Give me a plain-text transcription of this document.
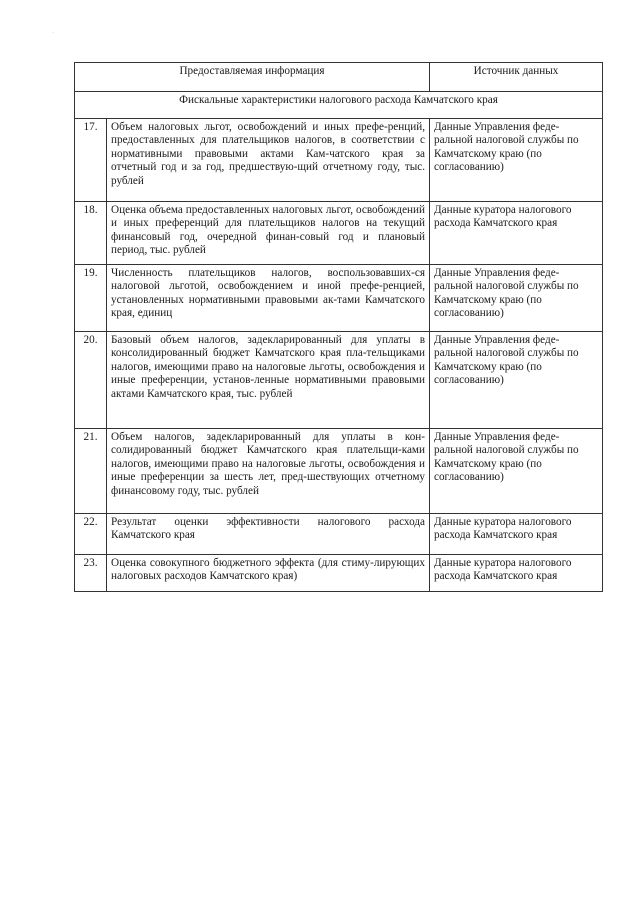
·
Предоставляемая информация		Источник данных
Фискальные характеристики налогового расхода Камчатского края		
17.	Объем налоговых льгот, освобождений и иных префе-ренций, предоставленных для плательщиков налогов, в соответствии с нормативными правовыми актами Кам-чатского края за отчетный год и за год, предшествую-щий отчетному году, тыс. рублей	Данные Управления феде-ральной налоговой службы по Камчатскому краю (по согласованию)
18.	Оценка объема предоставленных налоговых льгот, освобождений и иных преференций для плательщиков налогов на текущий финансовый год, очередной финан-совый год и плановый период, тыс. рублей	Данные куратора налогового расхода Камчатского края
19.	Численность плательщиков налогов, воспользовавших-ся налоговой льготой, освобождением и иной префе-ренцией, установленных нормативными правовыми ак-тами Камчатского края, единиц	Данные Управления феде-ральной налоговой службы по Камчатскому краю (по согласованию)
20.	Базовый объем налогов, задекларированный для уплаты в консолидированный бюджет Камчатского края пла-тельщиками налогов, имеющими право на налоговые льготы, освобождения и иные преференции, установ-ленные нормативными правовыми актами Камчатского края, тыс. рублей	Данные Управления феде-ральной налоговой службы по Камчатскому краю (по согласованию)
21.	Объем налогов, задекларированный для уплаты в кон-солидированный бюджет Камчатского края плательщи-ками налогов, имеющими право на налоговые льготы, освобождения и иные преференции за шесть лет, пред-шествующих отчетному финансовому году, тыс. рублей	Данные Управления феде-ральной налоговой службы по Камчатскому краю (по согласованию)
22.	Результат оценки эффективности налогового расхода Камчатского края	Данные куратора налогового расхода Камчатского края
23.	Оценка совокупного бюджетного эффекта (для стиму-лирующих налоговых расходов Камчатского края)	Данные куратора налогового расхода Камчатского края
